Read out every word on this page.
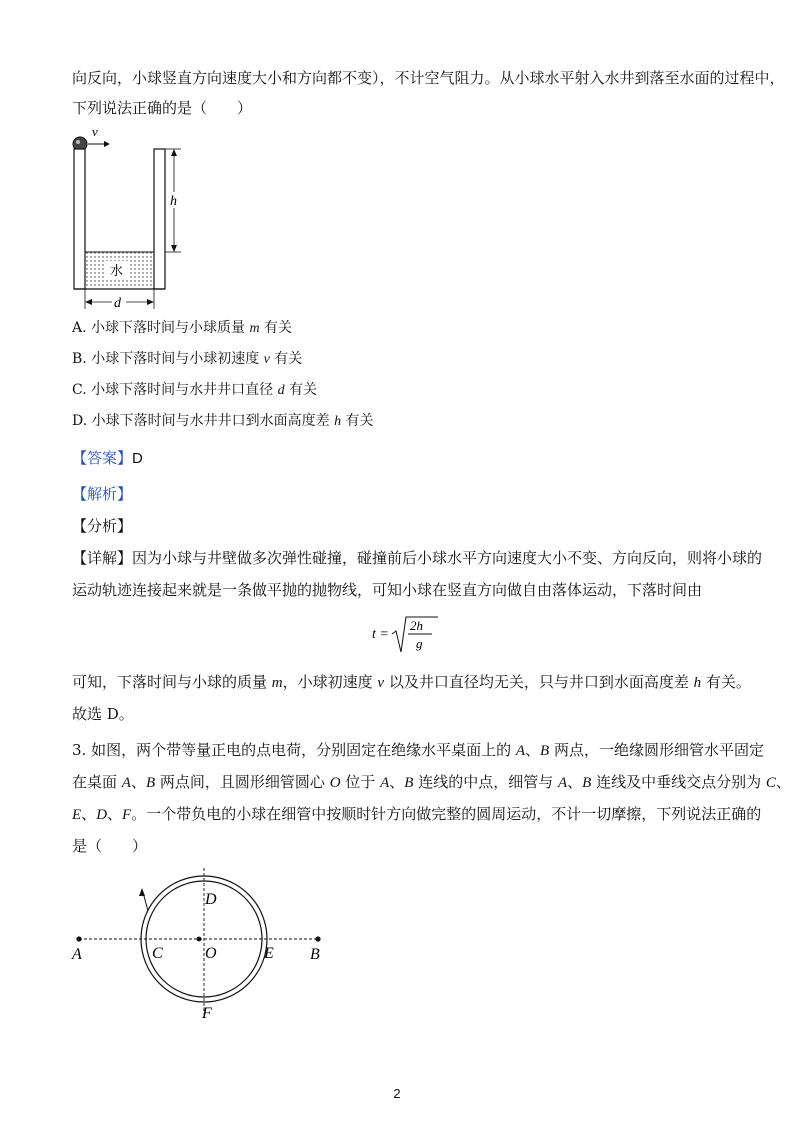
向反向，小球竖直方向速度大小和方向都不变），不计空气阻力。从小球水平射入水井到落至水面的过程中，
下列说法正确的是（　　）
v
水
h
d
A. 小球下落时间与小球质量 m 有关
B. 小球下落时间与小球初速度 v 有关
C. 小球下落时间与水井井口直径 d 有关
D. 小球下落时间与水井井口到水面高度差 h 有关
【答案】D
【解析】
【分析】
【详解】因为小球与井壁做多次弹性碰撞，碰撞前后小球水平方向速度大小不变、方向反向，则将小球的
运动轨迹连接起来就是一条做平抛的抛物线，可知小球在竖直方向做自由落体运动，下落时间由
t =
2h
g
可知，下落时间与小球的质量 m，小球初速度 v 以及井口直径均无关，只与井口到水面高度差 h 有关。
故选 D。
3. 如图，两个带等量正电的点电荷，分别固定在绝缘水平桌面上的 A、B 两点，一绝缘圆形细管水平固定
在桌面 A、B 两点间，且圆形细管圆心 O 位于 A、B 连线的中点，细管与 A、B 连线及中垂线交点分别为 C、
E、D、F。一个带负电的小球在细管中按顺时针方向做完整的圆周运动，不计一切摩擦，下列说法正确的
是（　　）
A	B
C	O	E
D
F
2
